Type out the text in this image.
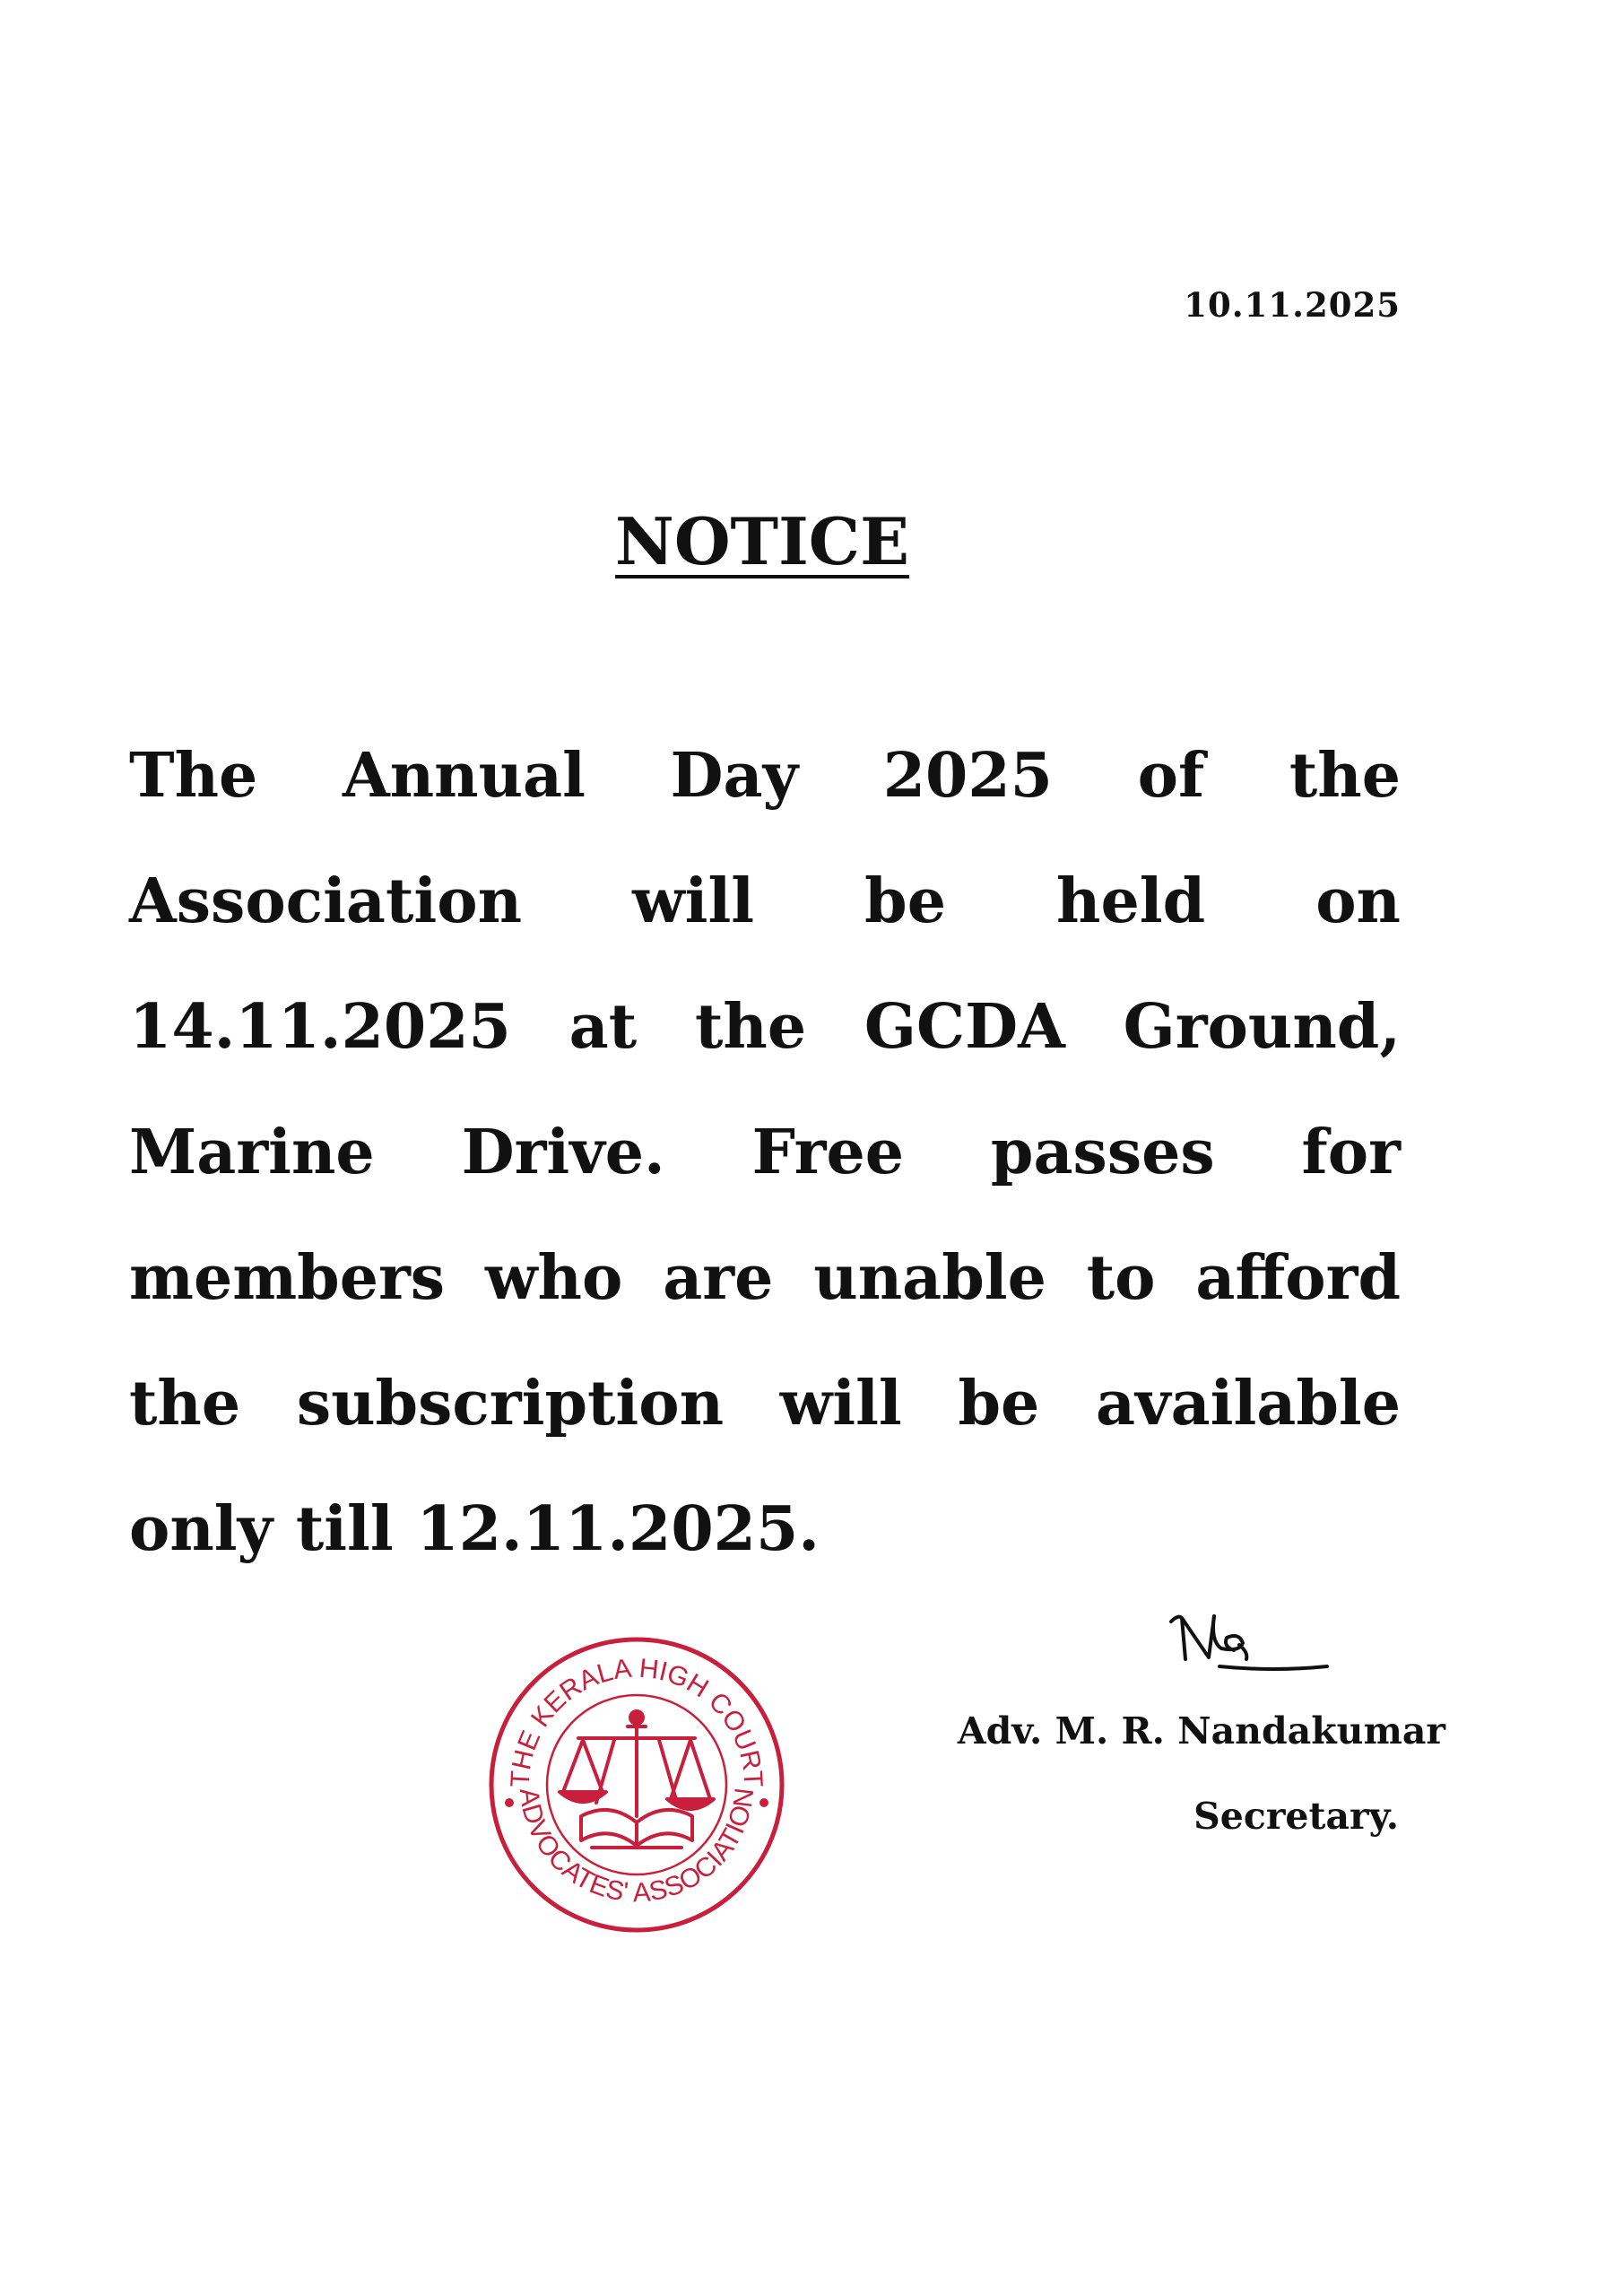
10.11.2025
NOTICE
The Annual Day 2025 of the Association will be held on 14.11.2025 at the GCDA Ground, Marine Drive. Free passes for members who are unable to afford the subscription will be available only till 12.11.2025.
THE KERALA HIGH COURT
ADVOCATES' ASSOCIATION
Adv. M. R. Nandakumar
Secretary.
